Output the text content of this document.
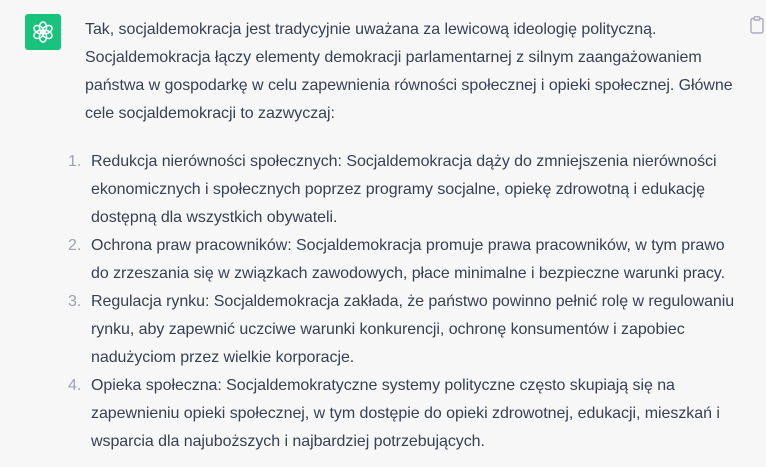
Tak, socjaldemokracja jest tradycyjnie uważana za lewicową ideologię polityczną. Socjaldemokracja łączy elementy demokracji parlamentarnej z silnym zaangażowaniem państwa w gospodarkę w celu zapewnienia równości społecznej i opieki społecznej. Główne cele socjaldemokracji to zazwyczaj:

1. Redukcja nierówności społecznych: Socjaldemokracja dąży do zmniejszenia nierówności ekonomicznych i społecznych poprzez programy socjalne, opiekę zdrowotną i edukację dostępną dla wszystkich obywateli.
2. Ochrona praw pracowników: Socjaldemokracja promuje prawa pracowników, w tym prawo do zrzeszania się w związkach zawodowych, płace minimalne i bezpieczne warunki pracy.
3. Regulacja rynku: Socjaldemokracja zakłada, że państwo powinno pełnić rolę w regulowaniu rynku, aby zapewnić uczciwe warunki konkurencji, ochronę konsumentów i zapobiec nadużyciom przez wielkie korporacje.
4. Opieka społeczna: Socjaldemokratyczne systemy polityczne często skupiają się na zapewnieniu opieki społecznej, w tym dostępie do opieki zdrowotnej, edukacji, mieszkań i wsparcia dla najuboższych i najbardziej potrzebujących.
